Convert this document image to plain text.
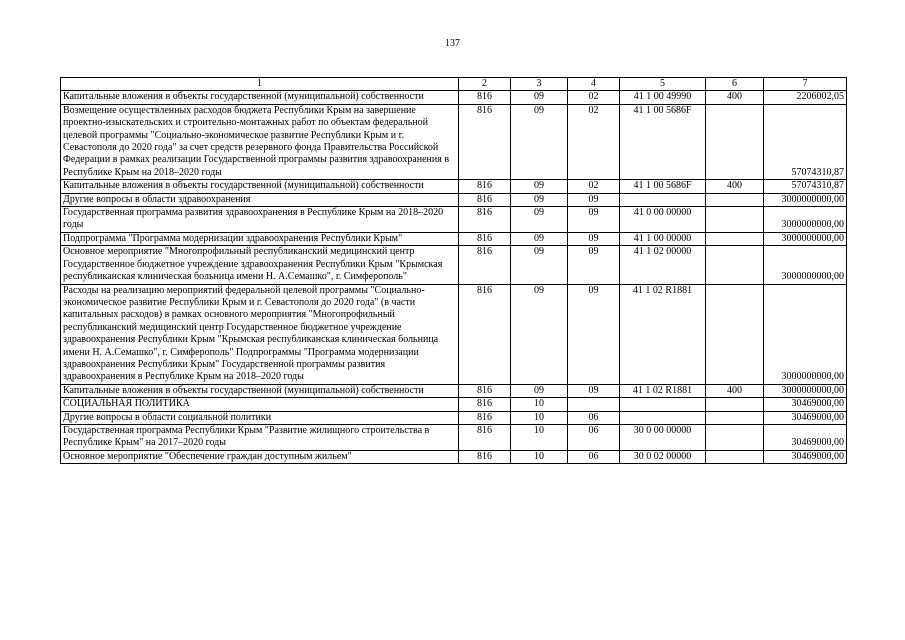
137
1	2	3	4	5	6	7
Капитальные вложения в объекты государственной (муниципальной) собственности	816	09	02	41 1 00 49990	400	2206002,05
Возмещение осуществленных расходов бюджета Республики Крым на завершение проектно-изыскательских и строительно-монтажных работ по объектам федеральной целевой программы "Социально-экономическое развитие Республики Крым и г. Севастополя до 2020 года" за счет средств резервного фонда Правительства Российской Федерации в рамках реализации Государственной программы развития здравоохранения в Республике Крым на 2018–2020 годы	816	09	02	41 1 00 5686F		57074310,87
Капитальные вложения в объекты государственной (муниципальной) собственности	816	09	02	41 1 00 5686F	400	57074310,87
Другие вопросы в области здравоохранения	816	09	09			3000000000,00
Государственная программа развития здравоохранения в Республике Крым на 2018–2020 годы	816	09	09	41 0 00 00000		3000000000,00
Подпрограмма "Программа модернизации здравоохранения Республики Крым"	816	09	09	41 1 00 00000		3000000000,00
Основное мероприятие "Многопрофильный республиканский медицинский центр Государственное бюджетное учреждение здравоохранения Республики Крым "Крымская республиканская клиническая больница имени Н. А.Семашко", г. Симферополь"	816	09	09	41 1 02 00000		3000000000,00
Расходы на реализацию мероприятий федеральной целевой программы "Социально-экономическое развитие Республики Крым и г. Севастополя до 2020 года" (в части капитальных расходов) в рамках основного мероприятия "Многопрофильный республиканский медицинский центр Государственное бюджетное учреждение здравоохранения Республики Крым "Крымская республиканская клиническая больница имени Н. А.Семашко", г. Симферополь" Подпрограммы "Программа модернизации здравоохранения Республики Крым" Государственной программы развития здравоохранения в Республике Крым на 2018–2020 годы	816	09	09	41 1 02 R1881		3000000000,00
Капитальные вложения в объекты государственной (муниципальной) собственности	816	09	09	41 1 02 R1881	400	3000000000,00
СОЦИАЛЬНАЯ ПОЛИТИКА	816	10				30469000,00
Другие вопросы в области социальной политики	816	10	06			30469000,00
Государственная программа Республики Крым "Развитие жилищного строительства в Республике Крым" на 2017–2020 годы	816	10	06	30 0 00 00000		30469000,00
Основное мероприятие "Обеспечение граждан доступным жильем"	816	10	06	30 0 02 00000		30469000,00
